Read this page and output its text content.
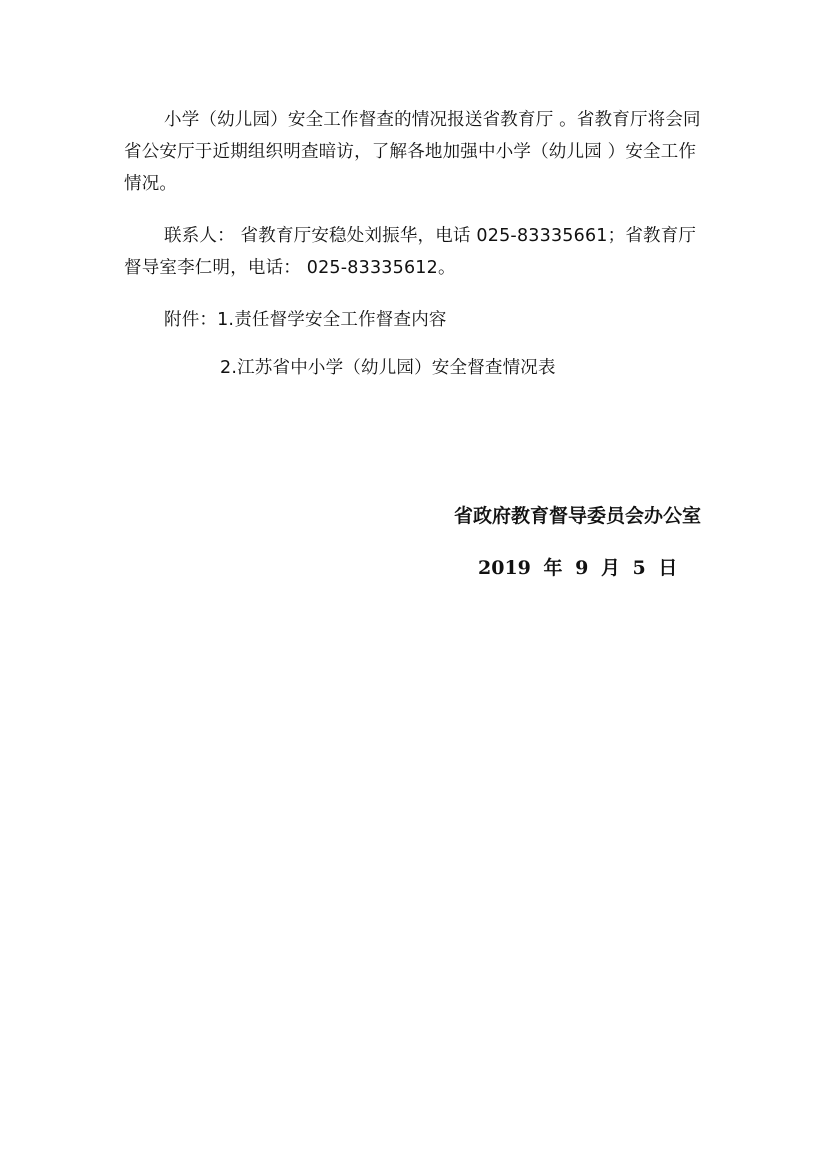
小学（幼儿园）安全工作督查的情况报送省教育厅 。省教育厅将会同省公安厅于近期组织明查暗访，了解各地加强中小学（幼儿园 ）安全工作情况。

联系人： 省教育厅安稳处刘振华，电话 025-83335661；省教育厅督导室李仁明，电话： 025-83335612。

附件：1.责任督学安全工作督查内容
2.江苏省中小学（幼儿园）安全督查情况表
省政府教育督导委员会办公室
2019 年 9 月 5 日
